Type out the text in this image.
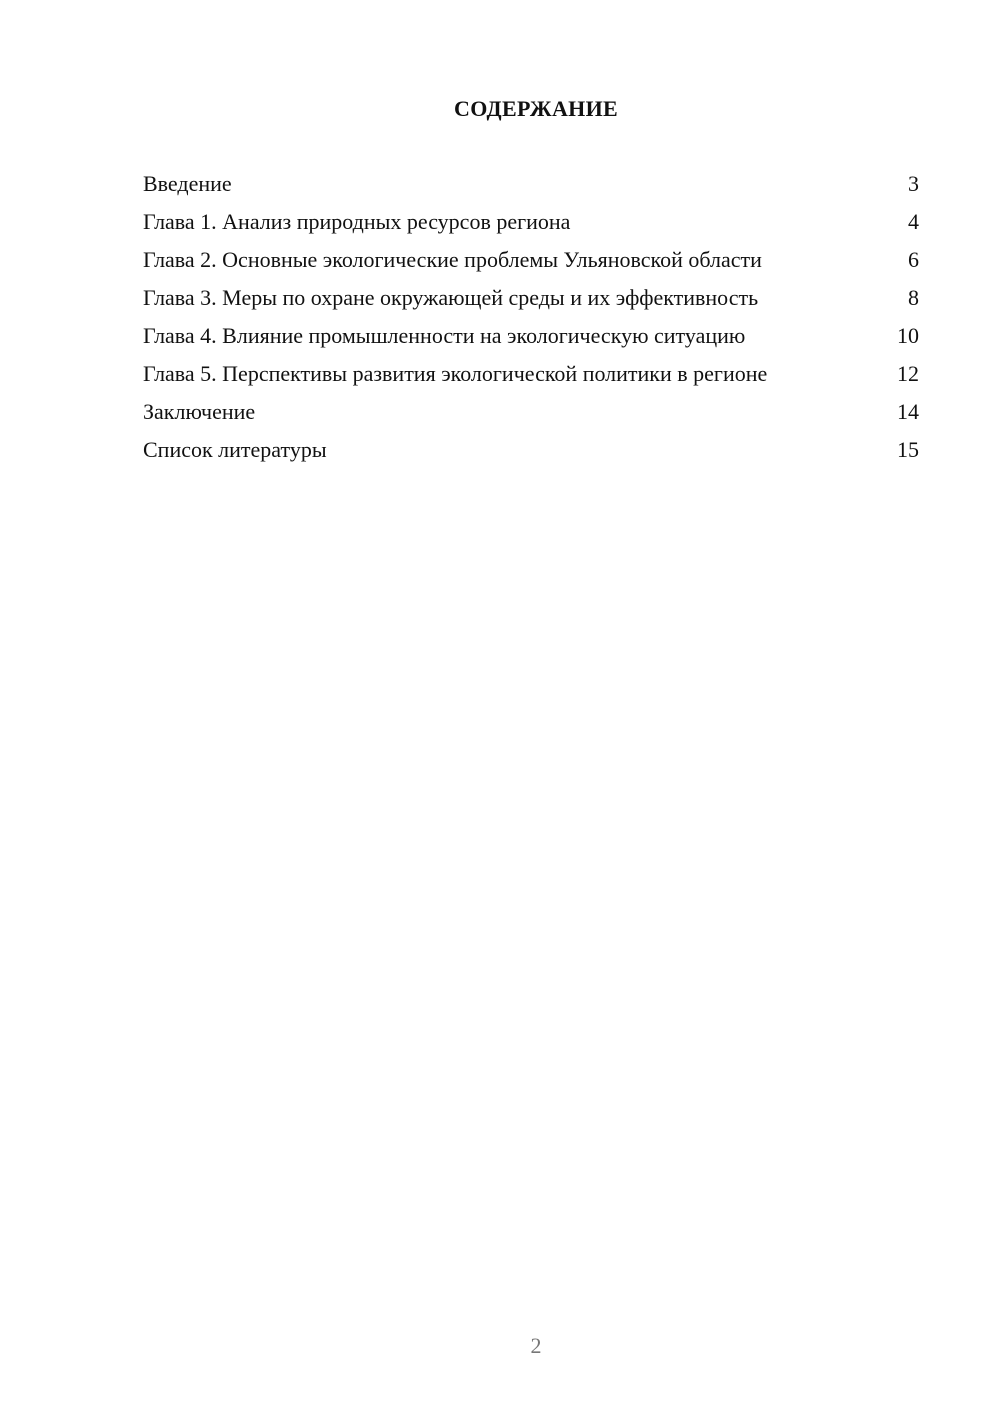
СОДЕРЖАНИЕ
Введение	3
Глава 1. Анализ природных ресурсов региона	4
Глава 2. Основные экологические проблемы Ульяновской области	6
Глава 3. Меры по охране окружающей среды и их эффективность	8
Глава 4. Влияние промышленности на экологическую ситуацию	10
Глава 5. Перспективы развития экологической политики в регионе	12
Заключение	14
Список литературы	15
2
